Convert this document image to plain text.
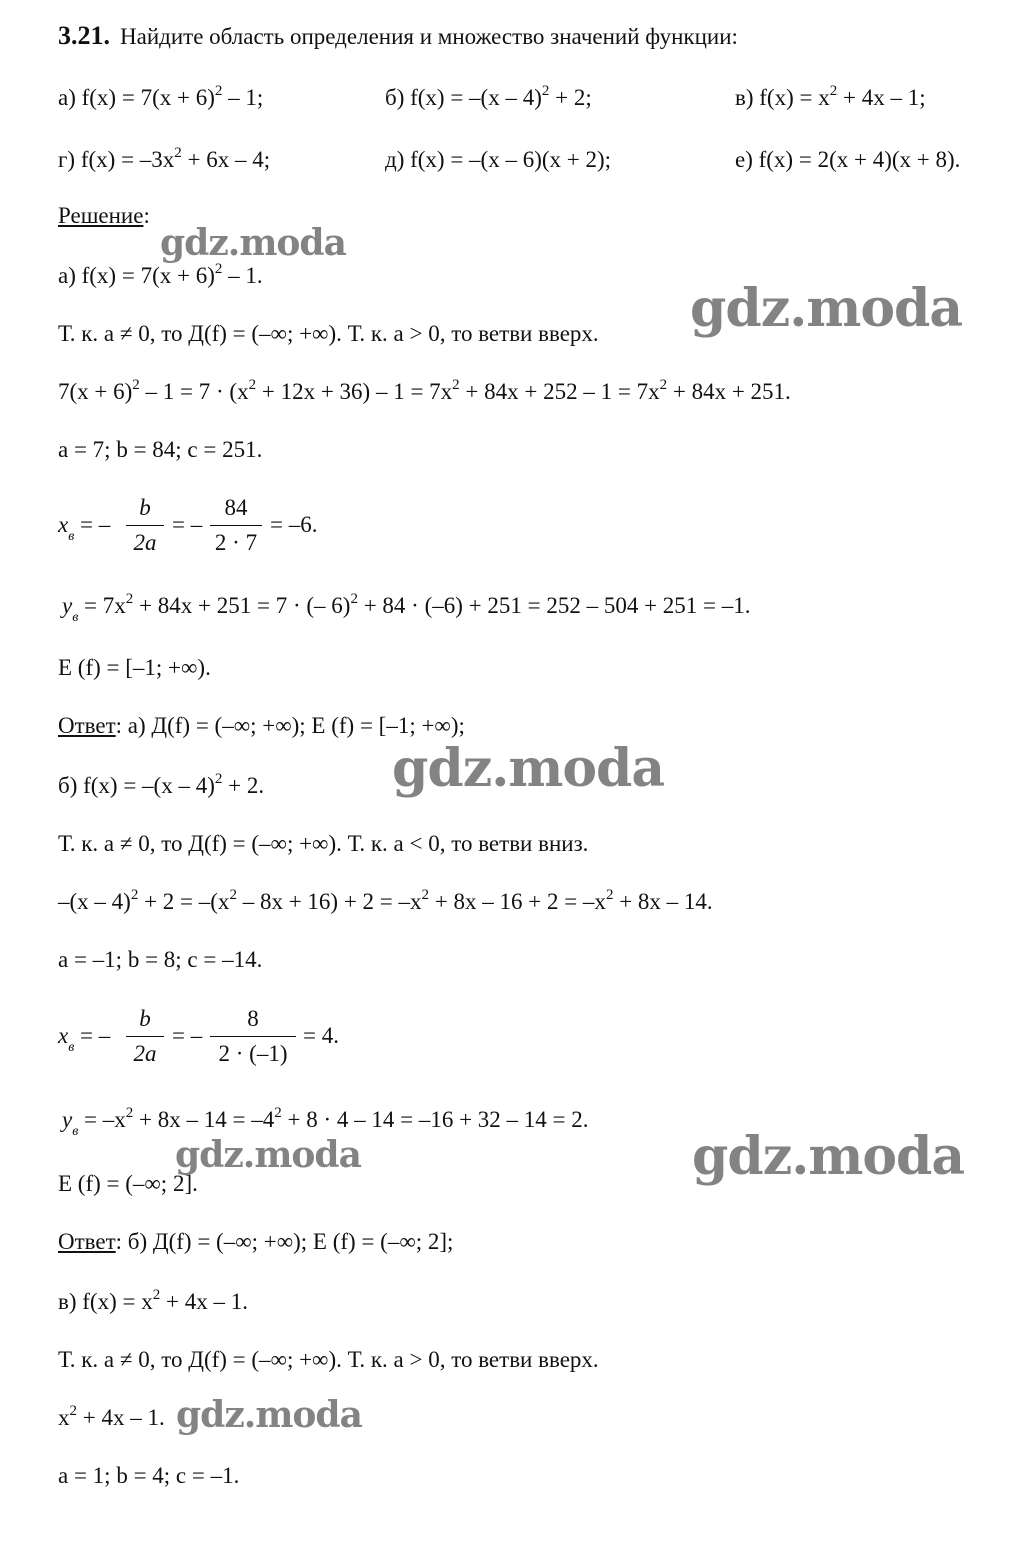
3.21. Найдите область определения и множество значений функции:
а) $f(x) = 7(x + 6)^2 - 1$;	б) f(x) = –(x – 4)$^2$ + 2;	в) $f(x) = x^2 + 4x - 1$;
г) $f(x) = -3x^2 + 6x - 4$;	д) f(x) = –(x – 6)(x + 2);	е) f(x) = 2(x + 4)(x + 8).
Решение:
а) $f(x) = 7(x + 6)^2 - 1$.
Т. к. a ≠ 0, то Д(f) = (–∞; +∞). Т. к. a > 0, то ветви вверх.
$7(x + 6)^2 - 1 = 7 \cdot (x^2 + 12x + 36) - 1 = 7x^2 + 84x + 252 - 1 = 7x^2 + 84x + 251$.
a = 7; b = 84; c = 251.
$x_в$ = –
b
2a
= –
84
2 · 7
= –6.
$y_в = 7x^2 + 84x + 251 = 7$ · (– 6)$^2$ + 84 · (–6) + 251 = 252 – 504 + 251 = –1.
E (f) = [–1; +∞).
Ответ: а) Д(f) = (–∞; +∞); E (f) = [–1; +∞);
б) f(x) = –(x – 4)$^2$ + 2.
Т. к. a ≠ 0, то Д(f) = (–∞; +∞). Т. к. a < 0, то ветви вниз.
$-(x - 4)^2 + 2 = -(x^2 - 8x + 16) + 2 = -x^2 + 8x - 16 + 2 = -x^2 + 8x - 14$.
a = –1; b = 8; c = –14.
$x_в$ = –
b
2a
= –
8
2 · (–1)
= 4.
$y_в = -x^2 + 8x - 14 = -4^2 + 8 \cdot 4 - 14 = -16 + 32 - 14 = 2$.
E (f) = (–∞; 2].
Ответ: б) Д(f) = (–∞; +∞); E (f) = (–∞; 2];
в) $f(x) = x^2 + 4x - 1$.
Т. к. a ≠ 0, то Д(f) = (–∞; +∞). Т. к. a > 0, то ветви вверх.
$x^2 + 4x - 1$.
a = 1; b = 4; c = –1.
gdz.moda
gdz.moda
gdz.moda
gdz.moda	gdz.moda
gdz.moda
